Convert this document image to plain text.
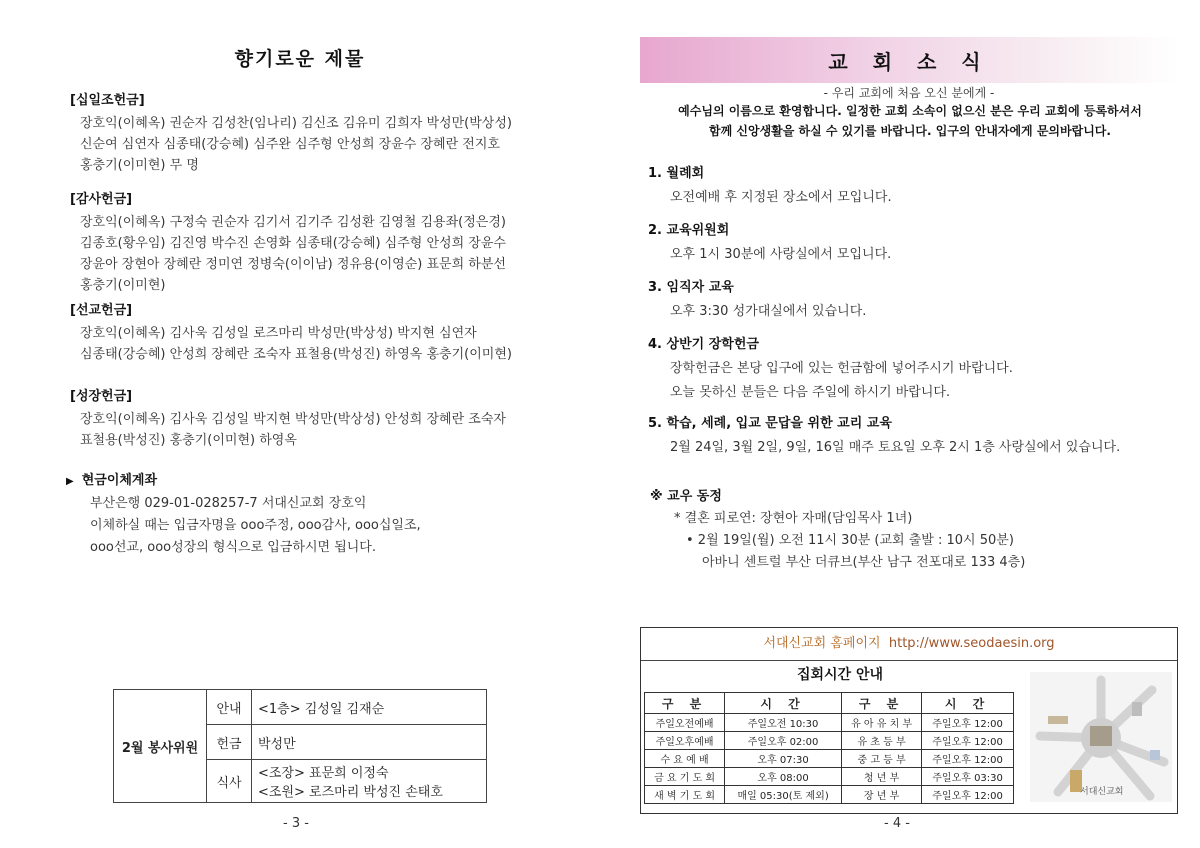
향기로운 제물
[십일조헌금]
장호익(이혜옥) 권순자 김성찬(임나리) 김신조 김유미 김희자 박성만(박상성)
신순여 심연자 심종태(강승혜) 심주완 심주형 안성희 장윤수 장혜란 전지호
홍충기(이미현) 무 명
[감사헌금]
장호익(이혜옥) 구정숙 권순자 김기서 김기주 김성환 김영철 김용좌(정은경)
김종호(황우임) 김진영 박수진 손영화 심종태(강승혜) 심주형 안성희 장윤수
장윤아 장현아 장혜란 정미연 정병숙(이이남) 정유용(이영순) 표문희 하분선
홍충기(이미현)
[선교헌금]
장호익(이혜옥) 김사욱 김성일 로즈마리 박성만(박상성) 박지현 심연자
심종태(강승혜) 안성희 장혜란 조숙자 표철용(박성진) 하영옥 홍충기(이미현)
[성장헌금]
장호익(이혜옥) 김사욱 김성일 박지현 박성만(박상성) 안성희 장혜란 조숙자
표철용(박성진) 홍충기(이미현) 하영옥
▶ 현금이체계좌
부산은행 029-01-028257-7 서대신교회 장호익
이체하실 때는 입금자명을 ooo주정, ooo감사, ooo십일조,
ooo선교, ooo성장의 형식으로 입금하시면 됩니다.
2월 봉사위원	안내	<1층> 김성일 김재순
	헌금	박성만
	식사	<조장> 표문희 이정숙
<조원> 로즈마리 박성진 손태호
- 3 -
교 회 소 식
- 우리 교회에 처음 오신 분에게 -
예수님의 이름으로 환영합니다. 일정한 교회 소속이 없으신 분은 우리 교회에 등록하셔서
함께 신앙생활을 하실 수 있기를 바랍니다. 입구의 안내자에게 문의바랍니다.
1. 월례회
오전예배 후 지정된 장소에서 모입니다.
2. 교육위원회
오후 1시 30분에 사랑실에서 모입니다.
3. 임직자 교육
오후 3:30 성가대실에서 있습니다.
4. 상반기 장학헌금
장학헌금은 본당 입구에 있는 헌금함에 넣어주시기 바랍니다.
오늘 못하신 분들은 다음 주일에 하시기 바랍니다.
5. 학습, 세례, 입교 문답을 위한 교리 교육
2월 24일, 3월 2일, 9일, 16일 매주 토요일 오후 2시 1층 사랑실에서 있습니다.
※ 교우 동정
* 결혼 피로연: 장현아 자매(담임목사 1녀)
• 2월 19일(월) 오전 11시 30분 (교회 출발 : 10시 50분)
아바니 센트럴 부산 더큐브(부산 남구 전포대로 133 4층)
서대신교회 홈페이지 http://www.seodaesin.org
집회시간 안내
구 분	시 간	구 분	시 간
주일오전예배	주일오전 10:30	유 아 유 치 부	주일오후 12:00
주일오후예배	주일오후 02:00	유 초 등 부	주일오후 12:00
수 요 예 배	오후 07:30	중 고 등 부	주일오후 12:00
금 요 기 도 회	오후 08:00	청 년 부	주일오후 03:30
새 벽 기 도 회	매일 05:30(토 제외)	장 년 부	주일오후 12:00	서대신교회
- 4 -
